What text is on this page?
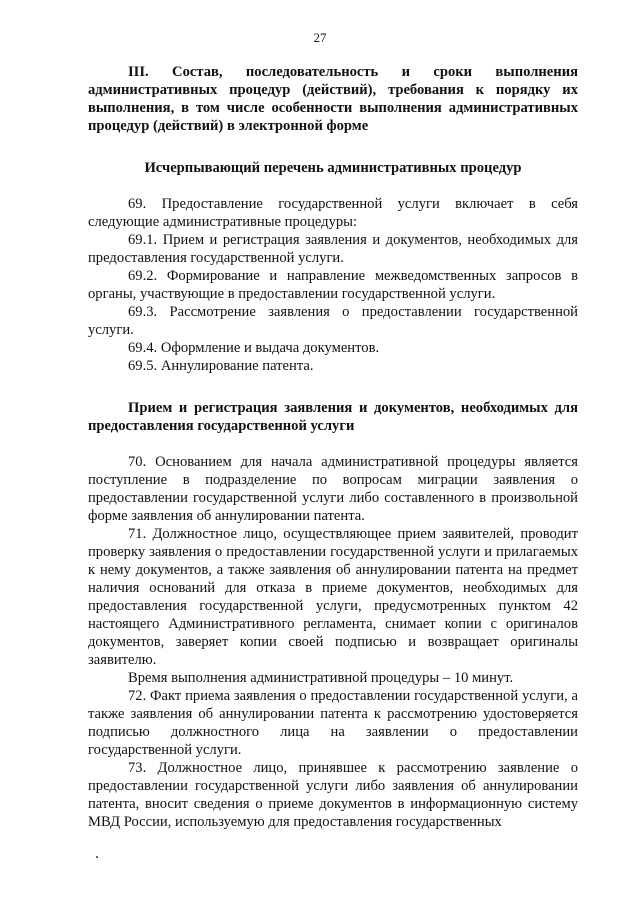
27

III. Состав, последовательность и сроки выполнения административных процедур (действий), требования к порядку их выполнения, в том числе особенности выполнения административных процедур (действий) в электронной форме

Исчерпывающий перечень административных процедур

69. Предоставление государственной услуги включает в себя следующие административные процедуры:

69.1. Прием и регистрация заявления и документов, необходимых для предоставления государственной услуги.

69.2. Формирование и направление межведомственных запросов в органы, участвующие в предоставлении государственной услуги.

69.3. Рассмотрение заявления о предоставлении государственной услуги.

69.4. Оформление и выдача документов.

69.5. Аннулирование патента.

Прием и регистрация заявления и документов, необходимых для предоставления государственной услуги

70. Основанием для начала административной процедуры является поступление в подразделение по вопросам миграции заявления о предоставлении государственной услуги либо составленного в произвольной форме заявления об аннулировании патента.

71. Должностное лицо, осуществляющее прием заявителей, проводит проверку заявления о предоставлении государственной услуги и прилагаемых к нему документов, а также заявления об аннулировании патента на предмет наличия оснований для отказа в приеме документов, необходимых для предоставления государственной услуги, предусмотренных пунктом 42 настоящего Административного регламента, снимает копии с оригиналов документов, заверяет копии своей подписью и возвращает оригиналы заявителю.

Время выполнения административной процедуры – 10 минут.

72. Факт приема заявления о предоставлении государственной услуги, а также заявления об аннулировании патента к рассмотрению удостоверяется подписью должностного лица на заявлении о предоставлении государственной услуги.

73. Должностное лицо, принявшее к рассмотрению заявление о предоставлении государственной услуги либо заявления об аннулировании патента, вносит сведения о приеме документов в информационную систему МВД России, используемую для предоставления государственных
